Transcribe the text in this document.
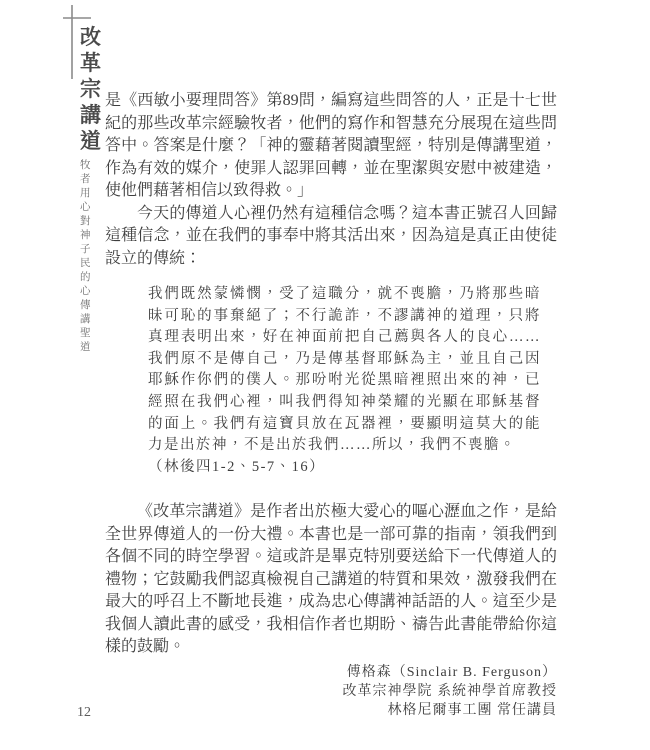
改革宗講道
牧者用心對神子民的心
傳講聖道

是《西敏小要理問答》第89問，編寫這些問答的人，正是十七世紀的那些改革宗經驗牧者，他們的寫作和智慧充分展現在這些問答中。答案是什麼？「神的靈藉著閱讀聖經，特別是傳講聖道，作為有效的媒介，使罪人認罪回轉，並在聖潔與安慰中被建造，使他們藉著相信以致得救。」

今天的傳道人心裡仍然有這種信念嗎？這本書正號召人回歸這種信念，並在我們的事奉中將其活出來，因為這是真正由使徒設立的傳統：

我們既然蒙憐憫，受了這職分，就不喪膽，乃將那些暗昧可恥的事棄絕了；不行詭詐，不謬講神的道理，只將真理表明出來，好在神面前把自己薦與各人的良心……我們原不是傳自己，乃是傳基督耶穌為主，並且自己因耶穌作你們的僕人。那吩咐光從黑暗裡照出來的神，已經照在我們心裡，叫我們得知神榮耀的光顯在耶穌基督的面上。我們有這寶貝放在瓦器裡，要顯明這莫大的能力是出於神，不是出於我們……所以，我們不喪膽。

（林後四1-2、5-7、16）

《改革宗講道》是作者出於極大愛心的嘔心瀝血之作，是給全世界傳道人的一份大禮。本書也是一部可靠的指南，領我們到各個不同的時空學習。這或許是畢克特別要送給下一代傳道人的禮物；它鼓勵我們認真檢視自己講道的特質和果效，激發我們在最大的呼召上不斷地長進，成為忠心傳講神話語的人。這至少是我個人讀此書的感受，我相信作者也期盼、禱告此書能帶給你這樣的鼓勵。

傅格森（Sinclair B. Ferguson）
改革宗神學院 系統神學首席教授
林格尼爾事工團 常任講員
12
